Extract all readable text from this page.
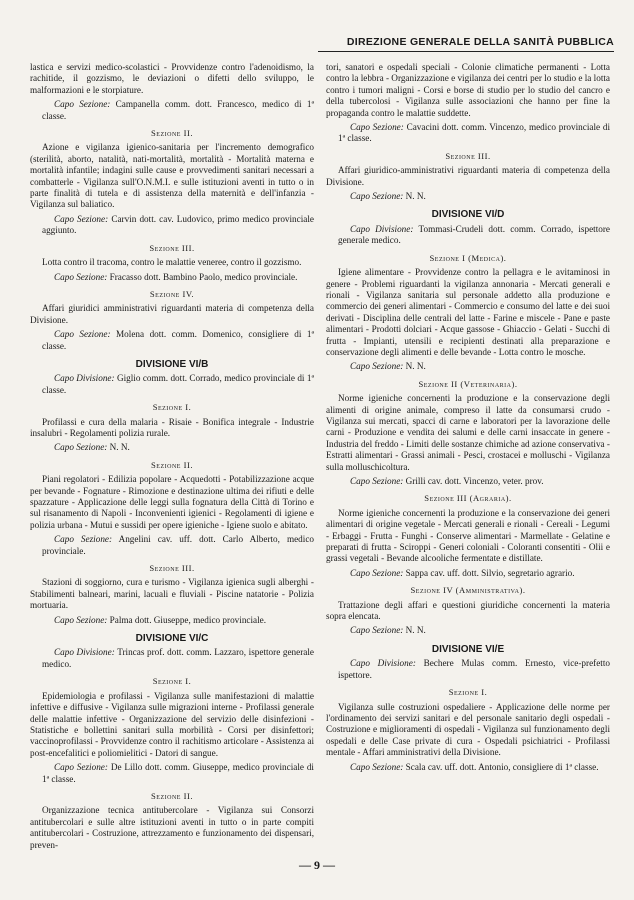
DIREZIONE GENERALE DELLA SANITÀ PUBBLICA

lastica e servizi medico-scolastici - Provvidenze contro l'adenoidismo, la rachitide, il gozzismo, le deviazioni o difetti dello sviluppo, le malformazioni e le storpiature.

Capo Sezione: Campanella comm. dott. Francesco, medico di 1ª classe.

Sezione II.

Azione e vigilanza igienico-sanitaria per l'incremento demografico (sterilità, aborto, natalità, nati-mortalità, mortalità - Mortalità materna e mortalità infantile; indagini sulle cause e provvedimenti sanitari necessari a combatterle - Vigilanza sull'O.N.M.I. e sulle istituzioni aventi in tutto o in parte finalità di tutela e di assistenza della maternità e dell'infanzia - Vigilanza sul baliatico.

Capo Sezione: Carvin dott. cav. Ludovico, primo medico provinciale aggiunto.

Sezione III.

Lotta contro il tracoma, contro le malattie veneree, contro il gozzismo.

Capo Sezione: Fracasso dott. Bambino Paolo, medico provinciale.

Sezione IV.

Affari giuridici amministrativi riguardanti materia di competenza della Divisione.

Capo Sezione: Molena dott. comm. Domenico, consigliere di 1ª classe.

DIVISIONE VI/B

Capo Divisione: Giglio comm. dott. Corrado, medico provinciale di 1ª classe.

Sezione I.

Profilassi e cura della malaria - Risaie - Bonifica integrale - Industrie insalubri - Regolamenti polizia rurale.

Capo Sezione: N. N.

Sezione II.

Piani regolatori - Edilizia popolare - Acquedotti - Potabilizzazione acque per bevande - Fognature - Rimozione e destinazione ultima dei rifiuti e delle spazzature - Applicazione delle leggi sulla fognatura della Città di Torino e sul risanamento di Napoli - Inconvenienti igienici - Regolamenti di igiene e polizia urbana - Mutui e sussidi per opere igieniche - Igiene suolo e abitato.

Capo Sezione: Angelini cav. uff. dott. Carlo Alberto, medico provinciale.

Sezione III.

Stazioni di soggiorno, cura e turismo - Vigilanza igienica sugli alberghi - Stabilimenti balneari, marini, lacuali e fluviali - Piscine natatorie - Polizia mortuaria.

Capo Sezione: Palma dott. Giuseppe, medico provinciale.

DIVISIONE VI/C

Capo Divisione: Trincas prof. dott. comm. Lazzaro, ispettore generale medico.

Sezione I.

Epidemiologia e profilassi - Vigilanza sulle manifestazioni di malattie infettive e diffusive - Vigilanza sulle migrazioni interne - Profilassi generale delle malattie infettive - Organizzazione del servizio delle disinfezioni - Statistiche e bollettini sanitari sulla morbilità - Corsi per disinfettori; vaccinoprofilassi - Provvidenze contro il rachitismo articolare - Assistenza ai post-encefalitici e poliomielitici - Datori di sangue.

Capo Sezione: De Lillo dott. comm. Giuseppe, medico provinciale di 1ª classe.

Sezione II.

Organizzazione tecnica antitubercolare - Vigilanza sui Consorzi antitubercolari e sulle altre istituzioni aventi in tutto o in parte compiti antitubercolari - Costruzione, attrezzamento e funzionamento dei dispensari, preven-

tori, sanatori e ospedali speciali - Colonie climatiche permanenti - Lotta contro la lebbra - Organizzazione e vigilanza dei centri per lo studio e la lotta contro i tumori maligni - Corsi e borse di studio per lo studio del cancro e della tubercolosi - Vigilanza sulle associazioni che hanno per fine la propaganda contro le malattie suddette.

Capo Sezione: Cavacini dott. comm. Vincenzo, medico provinciale di 1ª classe.

Sezione III.

Affari giuridico-amministrativi riguardanti materia di competenza della Divisione.

Capo Sezione: N. N.

DIVISIONE VI/D

Capo Divisione: Tommasi-Crudeli dott. comm. Corrado, ispettore generale medico.

Sezione I (Medica).

Igiene alimentare - Provvidenze contro la pellagra e le avitaminosi in genere - Problemi riguardanti la vigilanza annonaria - Mercati generali e rionali - Vigilanza sanitaria sul personale addetto alla produzione e commercio dei generi alimentari - Commercio e consumo del latte e dei suoi derivati - Disciplina delle centrali del latte - Farine e miscele - Pane e paste alimentari - Prodotti dolciari - Acque gassose - Ghiaccio - Gelati - Succhi di frutta - Impianti, utensili e recipienti destinati alla preparazione e conservazione degli alimenti e delle bevande - Lotta contro le mosche.

Capo Sezione: N. N.

Sezione II (Veterinaria).

Norme igieniche concernenti la produzione e la conservazione degli alimenti di origine animale, compreso il latte da consumarsi crudo - Vigilanza sui mercati, spacci di carne e laboratori per la lavorazione delle carni - Produzione e vendita dei salumi e delle carni insaccate in genere - Industria del freddo - Limiti delle sostanze chimiche ad azione conservativa - Estratti alimentari - Grassi animali - Pesci, crostacei e molluschi - Vigilanza sulla molluschicoltura.

Capo Sezione: Grilli cav. dott. Vincenzo, veter. prov.

Sezione III (Agraria).

Norme igieniche concernenti la produzione e la conservazione dei generi alimentari di origine vegetale - Mercati generali e rionali - Cereali - Legumi - Erbaggi - Frutta - Funghi - Conserve alimentari - Marmellate - Gelatine e preparati di frutta - Sciroppi - Generi coloniali - Coloranti consentiti - Olii e grassi vegetali - Bevande alcooliche fermentate e distillate.

Capo Sezione: Sappa cav. uff. dott. Silvio, segretario agrario.

Sezione IV (Amministrativa).

Trattazione degli affari e questioni giuridiche concernenti la materia sopra elencata.

Capo Sezione: N. N.

DIVISIONE VI/E

Capo Divisione: Bechere Mulas comm. Ernesto, vice-prefetto ispettore.

Sezione I.

Vigilanza sulle costruzioni ospedaliere - Applicazione delle norme per l'ordinamento dei servizi sanitari e del personale sanitario degli ospedali - Costruzione e miglioramenti di ospedali - Vigilanza sul funzionamento degli ospedali e delle Case private di cura - Ospedali psichiatrici - Profilassi mentale - Affari amministrativi della Divisione.

Capo Sezione: Scala cav. uff. dott. Antonio, consigliere di 1ª classe.

— 9 —
